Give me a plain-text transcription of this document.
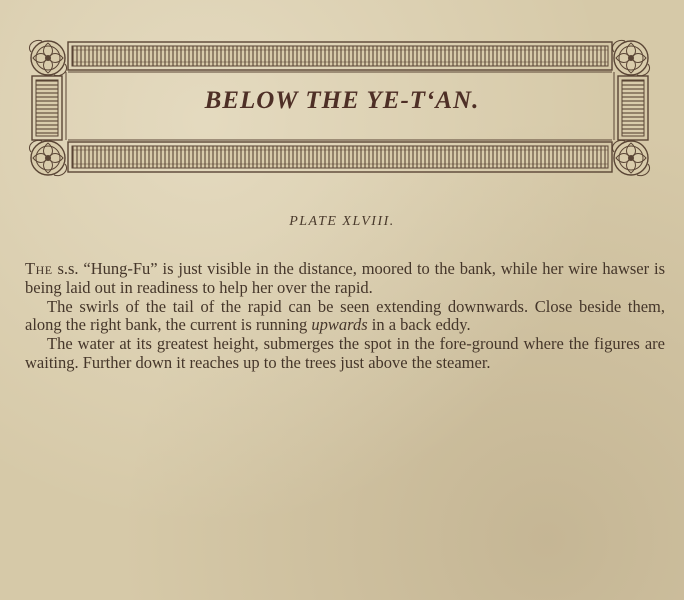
BELOW THE YE-T‘AN.
PLATE XLVIII.

The s.s. “Hung-Fu” is just visible in the distance, moored to the bank, while her wire hawser is being laid out in readiness to help her over the rapid.

The swirls of the tail of the rapid can be seen extending downwards. Close beside them, along the right bank, the current is running upwards in a back eddy.

The water at its greatest height, submerges the spot in the fore-ground where the figures are waiting. Further down it reaches up to the trees just above the steamer.
